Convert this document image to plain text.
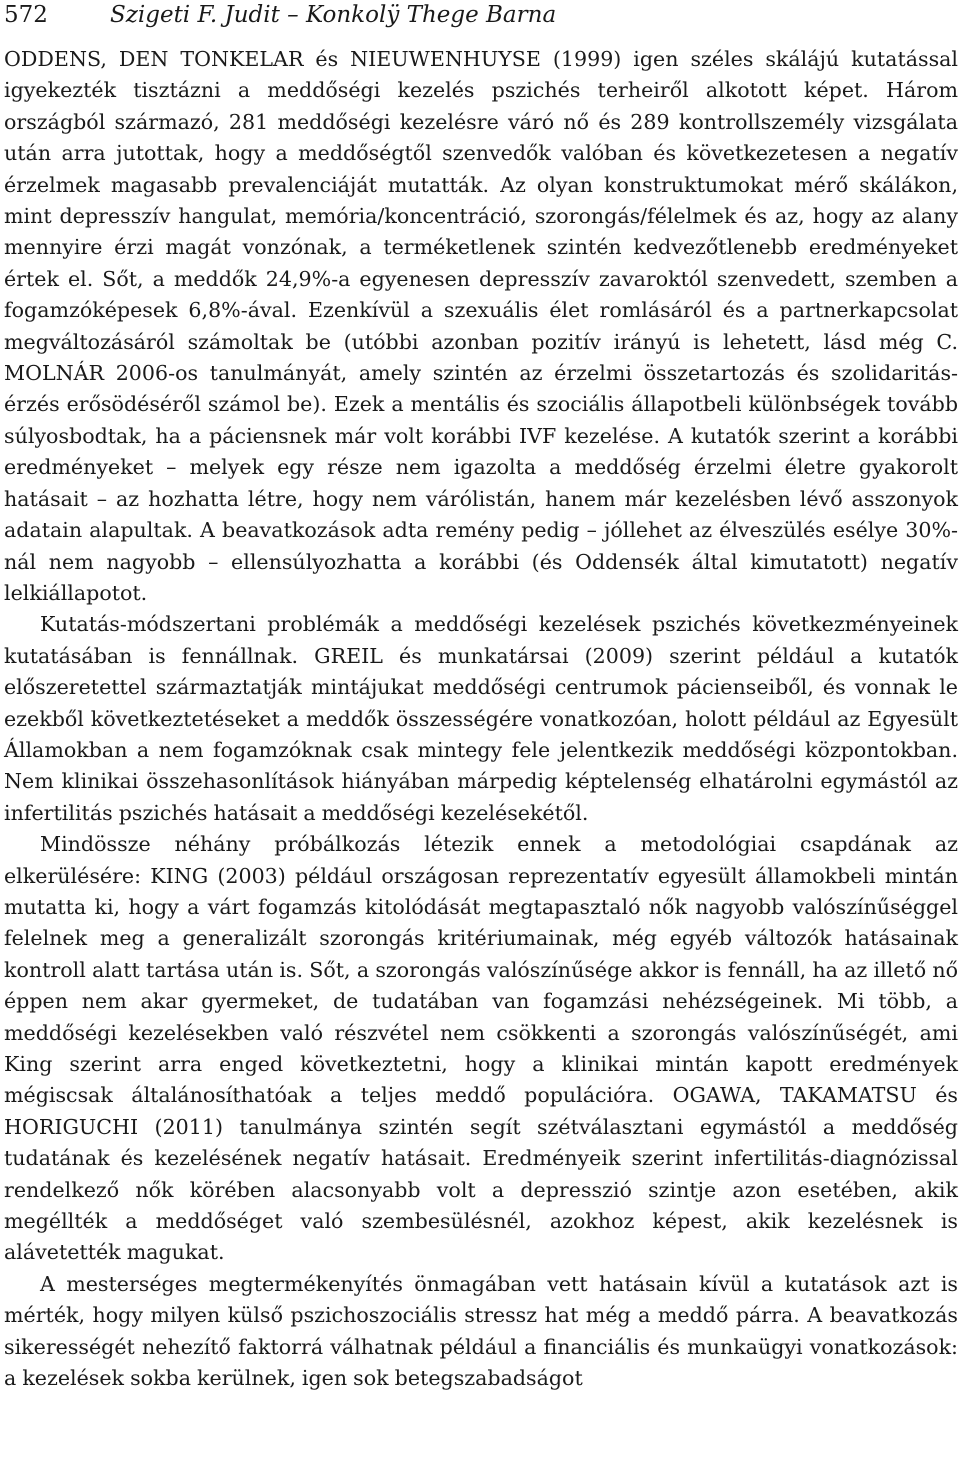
572	Szigeti F. Judit – Konkolÿ Thege Barna

ODDENS, DEN TONKELAR és NIEUWENHUYSE (1999) igen széles skálájú kutatással igyekezték tisztázni a meddőségi kezelés pszichés terheiről alkotott képet. Három országból származó, 281 meddőségi kezelésre váró nő és 289 kontrollszemély vizsgálata után arra jutottak, hogy a meddőségtől szenvedők valóban és következetesen a negatív érzelmek magasabb prevalenciáját mutatták. Az olyan konstruktumokat mérő skálákon, mint depresszív hangulat, memória/koncentráció, szorongás/félelmek és az, hogy az alany mennyire érzi magát vonzónak, a terméketlenek szintén kedvezőtlenebb eredményeket értek el. Sőt, a meddők 24,9%-a egyenesen depresszív zavaroktól szenvedett, szemben a fogamzóképesek 6,8%-ával. Ezenkívül a szexuális élet romlásáról és a partnerkapcsolat megváltozásáról számoltak be (utóbbi azonban pozitív irányú is lehetett, lásd még C. MOLNÁR 2006-os tanulmányát, amely szintén az érzelmi összetartozás és szolidaritás-érzés erősödéséről számol be). Ezek a mentális és szociális állapotbeli különbségek tovább súlyosbodtak, ha a páciensnek már volt korábbi IVF kezelése. A kutatók szerint a korábbi eredményeket – melyek egy része nem igazolta a meddőség érzelmi életre gyakorolt hatásait – az hozhatta létre, hogy nem várólistán, hanem már kezelésben lévő asszonyok adatain alapultak. A beavatkozások adta remény pedig – jóllehet az élveszülés esélye 30%-nál nem nagyobb – ellensúlyozhatta a korábbi (és Oddensék által kimutatott) negatív lelkiállapotot.

Kutatás-módszertani problémák a meddőségi kezelések pszichés következményeinek kutatásában is fennállnak. GREIL és munkatársai (2009) szerint például a kutatók előszeretettel származtatják mintájukat meddőségi centrumok pácienseiből, és vonnak le ezekből következtetéseket a meddők összességére vonatkozóan, holott például az Egyesült Államokban a nem fogamzóknak csak mintegy fele jelentkezik meddőségi központokban. Nem klinikai összehasonlítások hiányában márpedig képtelenség elhatárolni egymástól az infertilitás pszichés hatásait a meddőségi kezelésekétől.

Mindössze néhány próbálkozás létezik ennek a metodológiai csapdának az elkerülésére: KING (2003) például országosan reprezentatív egyesült államokbeli mintán mutatta ki, hogy a várt fogamzás kitolódását megtapasztaló nők nagyobb valószínűséggel felelnek meg a generalizált szorongás kritériumainak, még egyéb változók hatásainak kontroll alatt tartása után is. Sőt, a szorongás valószínűsége akkor is fennáll, ha az illető nő éppen nem akar gyermeket, de tudatában van fogamzási nehézségeinek. Mi több, a meddőségi kezelésekben való részvétel nem csökkenti a szorongás valószínűségét, ami King szerint arra enged következtetni, hogy a klinikai mintán kapott eredmények mégiscsak általánosíthatóak a teljes meddő populációra. OGAWA, TAKAMATSU és HORIGUCHI (2011) tanulmánya szintén segít szétválasztani egymástól a meddőség tudatának és kezelésének negatív hatásait. Eredményeik szerint infertilitás-diagnózissal rendelkező nők körében alacsonyabb volt a depresszió szintje azon esetében, akik megéllték a meddőséget való szembesülésnél, azokhoz képest, akik kezelésnek is alávetették magukat.

A mesterséges megtermékenyítés önmagában vett hatásain kívül a kutatások azt is mérték, hogy milyen külső pszichoszociális stressz hat még a meddő párra. A beavatkozás sikerességét nehezítő faktorrá válhatnak például a financiális és munkaügyi vonatkozások: a kezelések sokba kerülnek, igen sok betegszabadságot
